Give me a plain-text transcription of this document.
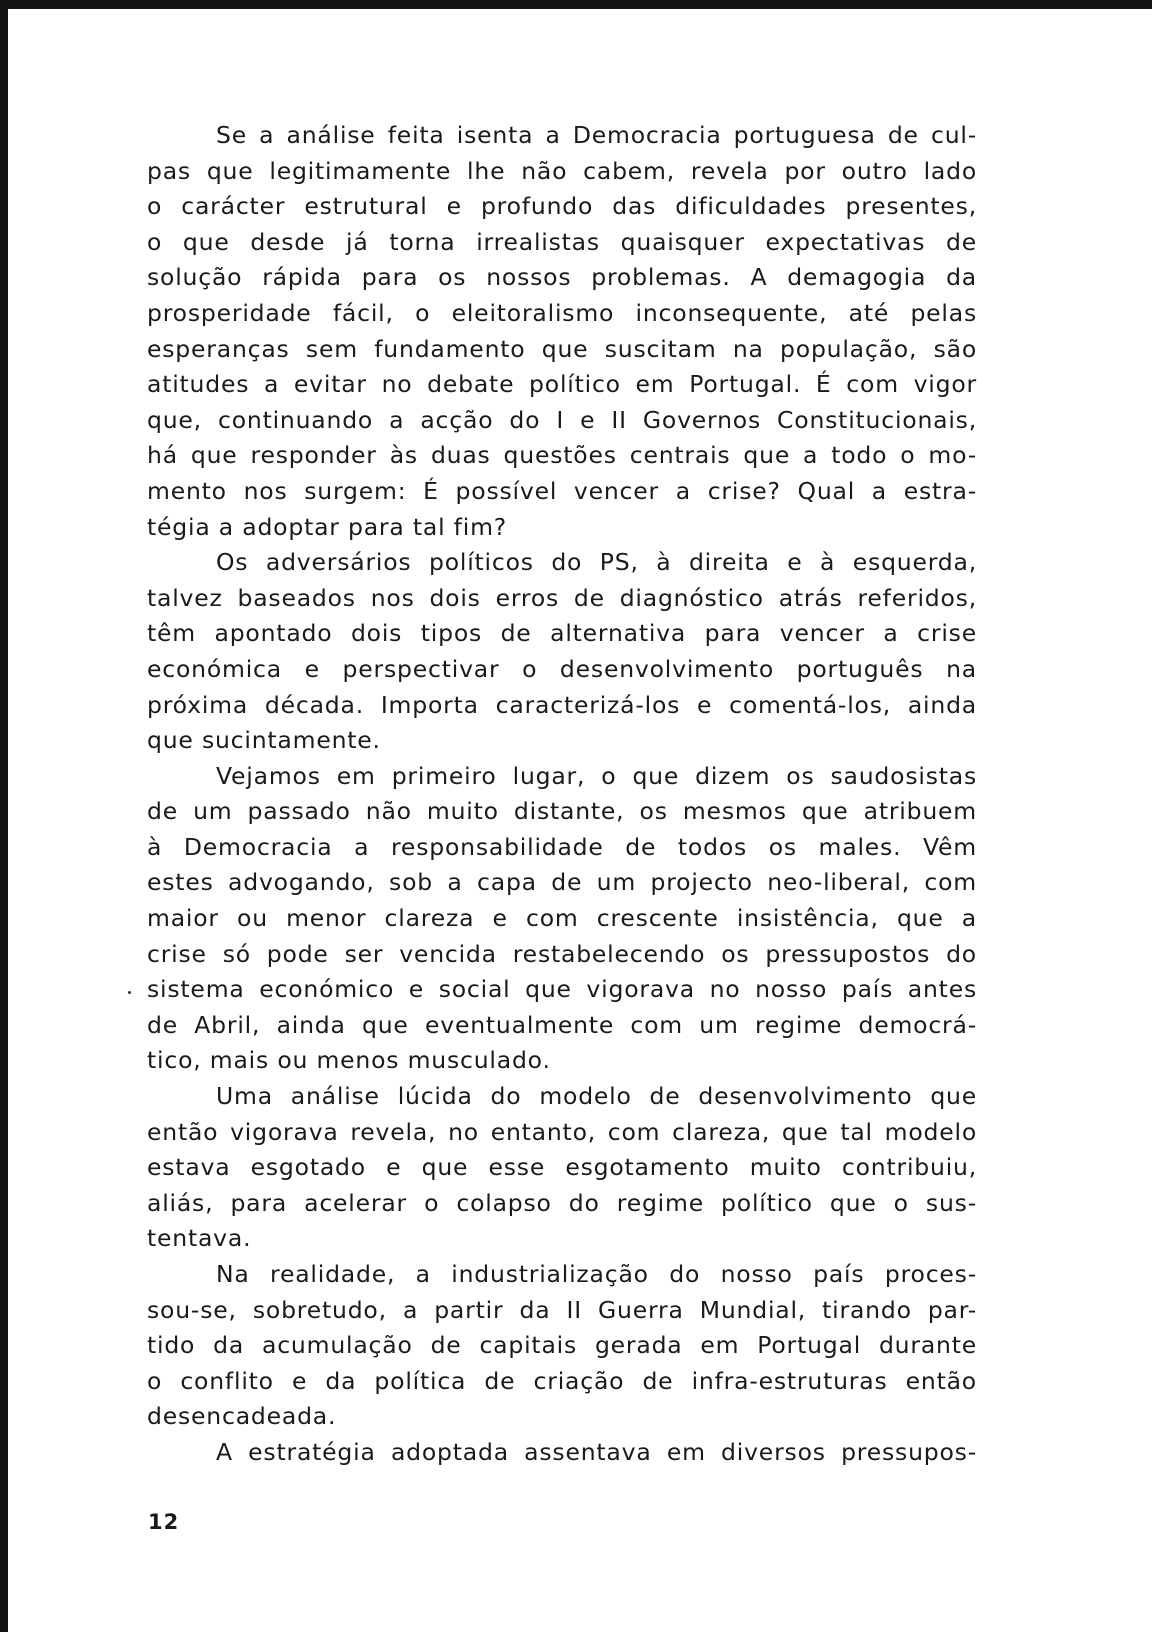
Se a análise feita isenta a Democracia portuguesa de cul-
pas que legitimamente lhe não cabem, revela por outro lado
o carácter estrutural e profundo das dificuldades presentes,
o que desde já torna irrealistas quaisquer expectativas de
solução rápida para os nossos problemas. A demagogia da
prosperidade fácil, o eleitoralismo inconsequente, até pelas
esperanças sem fundamento que suscitam na população, são
atitudes a evitar no debate político em Portugal. É com vigor
que, continuando a acção do I e II Governos Constitucionais,
há que responder às duas questões centrais que a todo o mo-
mento nos surgem: É possível vencer a crise? Qual a estra-
tégia a adoptar para tal fim?
Os adversários políticos do PS, à direita e à esquerda,
talvez baseados nos dois erros de diagnóstico atrás referidos,
têm apontado dois tipos de alternativa para vencer a crise
económica e perspectivar o desenvolvimento português na
próxima década. Importa caracterizá-los e comentá-los, ainda
que sucintamente.
Vejamos em primeiro lugar, o que dizem os saudosistas
de um passado não muito distante, os mesmos que atribuem
à Democracia a responsabilidade de todos os males. Vêm
estes advogando, sob a capa de um projecto neo-liberal, com
maior ou menor clareza e com crescente insistência, que a
crise só pode ser vencida restabelecendo os pressupostos do
sistema económico e social que vigorava no nosso país antes
de Abril, ainda que eventualmente com um regime democrá-
tico, mais ou menos musculado.
Uma análise lúcida do modelo de desenvolvimento que
então vigorava revela, no entanto, com clareza, que tal modelo
estava esgotado e que esse esgotamento muito contribuiu,
aliás, para acelerar o colapso do regime político que o sus-
tentava.
Na realidade, a industrialização do nosso país proces-
sou-se, sobretudo, a partir da II Guerra Mundial, tirando par-
tido da acumulação de capitais gerada em Portugal durante
o conflito e da política de criação de infra-estruturas então
desencadeada.
A estratégia adoptada assentava em diversos pressupos-
12
